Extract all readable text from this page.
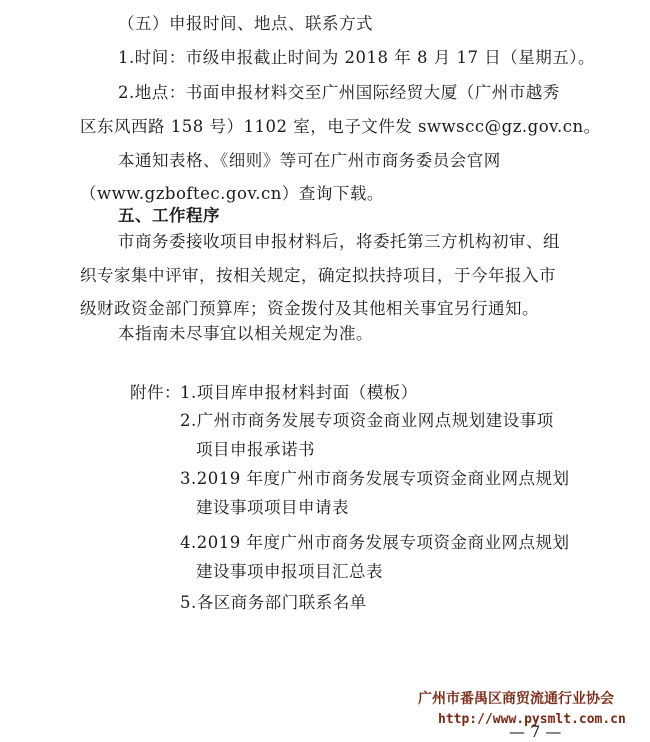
（五）申报时间、地点、联系方式
1.时间：市级申报截止时间为 2018 年 8 月 17 日（星期五）。
2.地点：书面申报材料交至广州国际经贸大厦（广州市越秀
区东风西路 158 号）1102 室，电子文件发 swwscc@gz.gov.cn。
本通知表格、《细则》等可在广州市商务委员会官网
（www.gzboftec.gov.cn）查询下载。
五、工作程序
市商务委接收项目申报材料后，将委托第三方机构初审、组
织专家集中评审，按相关规定，确定拟扶持项目，于今年报入市
级财政资金部门预算库；资金拨付及其他相关事宜另行通知。
本指南未尽事宜以相关规定为准。
附件： 1.项目库申报材料封面（模板）
2.广州市商务发展专项资金商业网点规划建设事项
项目申报承诺书
3.2019 年度广州市商务发展专项资金商业网点规划
建设事项项目申请表
4.2019 年度广州市商务发展专项资金商业网点规划
建设事项申报项目汇总表
5.各区商务部门联系名单
广州市番禺区商贸流通行业协会
http://www.pysmlt.com.cn
— 7 —
